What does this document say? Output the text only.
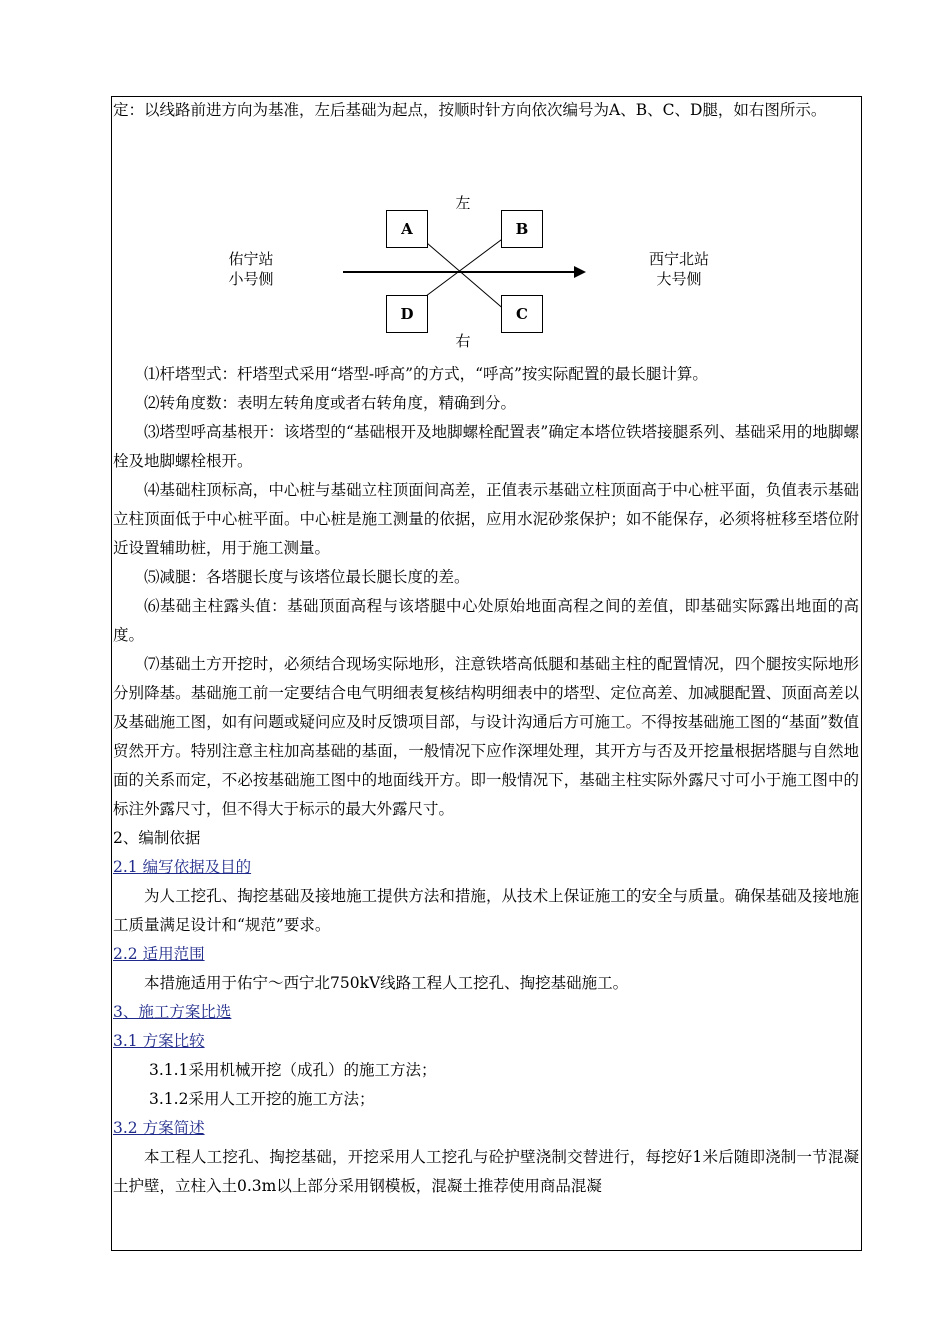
定：以线路前进方向为基准，左后基础为起点，按顺时针方向依次编号为A、B、C、D腿，如右图所示。

A	B
C
D
左
右
佑宁站
小号侧
西宁北站
大号侧

⑴杆塔型式：杆塔型式采用“塔型-呼高”的方式，“呼高”按实际配置的最长腿计算。

⑵转角度数：表明左转角度或者右转角度，精确到分。

⑶塔型呼高基根开：该塔型的“基础根开及地脚螺栓配置表”确定本塔位铁塔接腿系列、基础采用的地脚螺栓及地脚螺栓根开。

⑷基础柱顶标高，中心桩与基础立柱顶面间高差，正值表示基础立柱顶面高于中心桩平面，负值表示基础立柱顶面低于中心桩平面。中心桩是施工测量的依据，应用水泥砂浆保护；如不能保存，必须将桩移至塔位附近设置辅助桩，用于施工测量。

⑸减腿：各塔腿长度与该塔位最长腿长度的差。

⑹基础主柱露头值：基础顶面高程与该塔腿中心处原始地面高程之间的差值，即基础实际露出地面的高度。

⑺基础土方开挖时，必须结合现场实际地形，注意铁塔高低腿和基础主柱的配置情况，四个腿按实际地形分别降基。基础施工前一定要结合电气明细表复核结构明细表中的塔型、定位高差、加减腿配置、顶面高差以及基础施工图，如有问题或疑问应及时反馈项目部，与设计沟通后方可施工。不得按基础施工图的“基面”数值贸然开方。特别注意主柱加高基础的基面，一般情况下应作深埋处理，其开方与否及开挖量根据塔腿与自然地面的关系而定，不必按基础施工图中的地面线开方。即一般情况下，基础主柱实际外露尺寸可小于施工图中的标注外露尺寸，但不得大于标示的最大外露尺寸。

2、编制依据

2.1 编写依据及目的

为人工挖孔、掏挖基础及接地施工提供方法和措施，从技术上保证施工的安全与质量。确保基础及接地施工质量满足设计和“规范”要求。

2.2 适用范围

本措施适用于佑宁～西宁北750kV线路工程人工挖孔、掏挖基础施工。

3、施工方案比选

3.1 方案比较

3.1.1采用机械开挖（成孔）的施工方法；

3.1.2采用人工开挖的施工方法；

3.2 方案简述

本工程人工挖孔、掏挖基础，开挖采用人工挖孔与砼护壁浇制交替进行，每挖好1米后随即浇制一节混凝土护壁，立柱入土0.3m以上部分采用钢模板，混凝土推荐使用商品混凝
